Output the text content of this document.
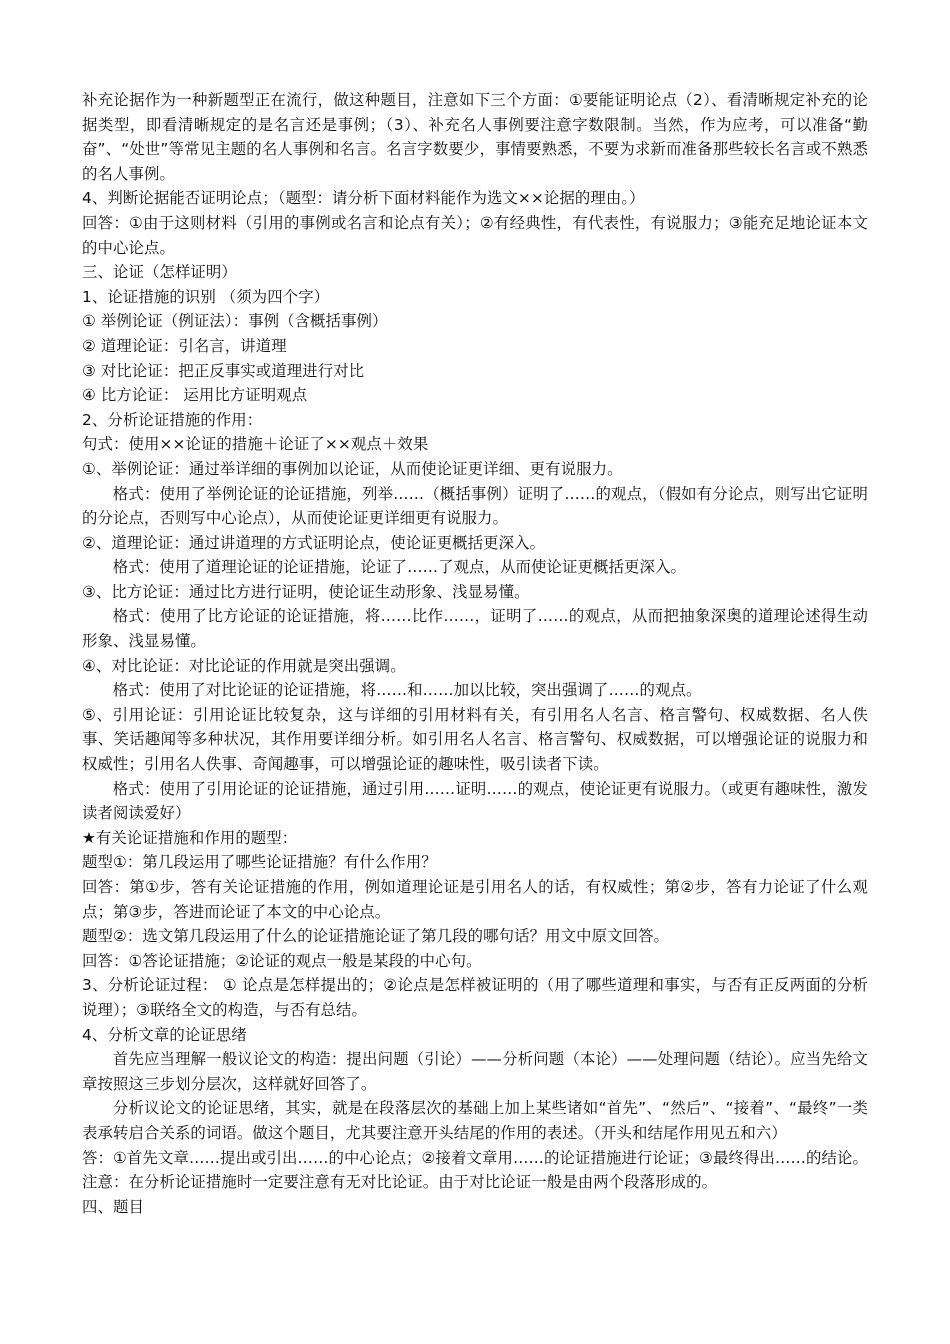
补充论据作为一种新题型正在流行，做这种题目，注意如下三个方面：①要能证明论点（2）、看清晰规定补充的论据类型，即看清晰规定的是名言还是事例；（3）、补充名人事例要注意字数限制。当然，作为应考，可以准备“勤奋”、“处世”等常见主题的名人事例和名言。名言字数要少，事情要熟悉，不要为求新而准备那些较长名言或不熟悉的名人事例。

4、判断论据能否证明论点；（题型：请分析下面材料能作为选文××论据的理由。）

回答：①由于这则材料（引用的事例或名言和论点有关）；②有经典性，有代表性，有说服力；③能充足地论证本文的中心论点。

三、论证（怎样证明）

1、论证措施的识别 （须为四个字）

① 举例论证（例证法）：事例（含概括事例）

② 道理论证：引名言，讲道理

③ 对比论证：把正反事实或道理进行对比

④ 比方论证： 运用比方证明观点

2、分析论证措施的作用：

句式：使用××论证的措施＋论证了××观点＋效果

①、举例论证：通过举详细的事例加以论证，从而使论证更详细、更有说服力。

格式：使用了举例论证的论证措施，列举……（概括事例）证明了……的观点，（假如有分论点，则写出它证明的分论点，否则写中心论点），从而使论证更详细更有说服力。

②、道理论证：通过讲道理的方式证明论点，使论证更概括更深入。

格式：使用了道理论证的论证措施，论证了……了观点，从而使论证更概括更深入。

③、比方论证：通过比方进行证明，使论证生动形象、浅显易懂。

格式：使用了比方论证的论证措施，将……比作……，证明了……的观点，从而把抽象深奥的道理论述得生动形象、浅显易懂。

④、对比论证：对比论证的作用就是突出强调。

格式：使用了对比论证的论证措施，将……和……加以比较，突出强调了……的观点。

⑤、引用论证：引用论证比较复杂，这与详细的引用材料有关，有引用名人名言、格言警句、权威数据、名人佚事、笑话趣闻等多种状况，其作用要详细分析。如引用名人名言、格言警句、权威数据，可以增强论证的说服力和权威性；引用名人佚事、奇闻趣事，可以增强论证的趣味性，吸引读者下读。

格式：使用了引用论证的论证措施，通过引用……证明……的观点，使论证更有说服力。（或更有趣味性，激发读者阅读爱好）

★有关论证措施和作用的题型：

题型①：第几段运用了哪些论证措施？有什么作用？

回答：第①步，答有关论证措施的作用，例如道理论证是引用名人的话，有权威性；第②步，答有力论证了什么观点；第③步，答进而论证了本文的中心论点。

题型②：选文第几段运用了什么的论证措施论证了第几段的哪句话？用文中原文回答。

回答：①答论证措施；②论证的观点一般是某段的中心句。

3、分析论证过程： ① 论点是怎样提出的；②论点是怎样被证明的（用了哪些道理和事实，与否有正反两面的分析说理）；③联络全文的构造，与否有总结。

4、分析文章的论证思绪

首先应当理解一般议论文的构造：提出问题（引论）——分析问题（本论）——处理问题（结论）。应当先给文章按照这三步划分层次，这样就好回答了。

分析议论文的论证思绪，其实，就是在段落层次的基础上加上某些诸如“首先”、“然后”、“接着”、“最终”一类表承转启合关系的词语。做这个题目，尤其要注意开头结尾的作用的表述。（开头和结尾作用见五和六）

答：①首先文章……提出或引出……的中心论点；②接着文章用……的论证措施进行论证；③最终得出……的结论。注意：在分析论证措施时一定要注意有无对比论证。由于对比论证一般是由两个段落形成的。

四、题目
